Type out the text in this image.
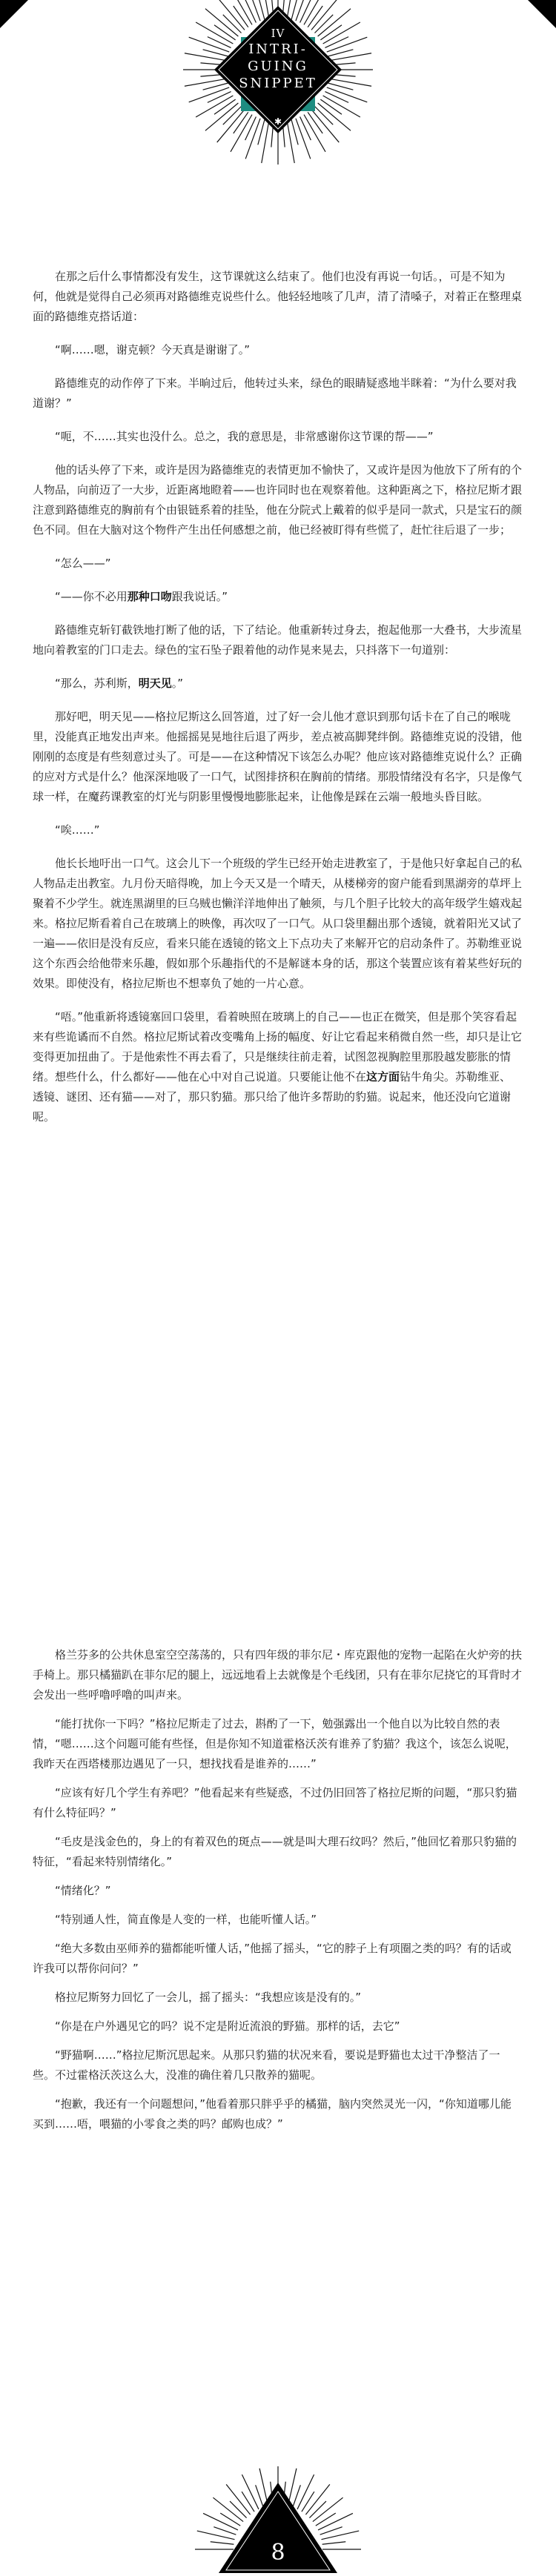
✱
IV
INTRI-
GUING
SNIPPET

在那之后什么事情都没有发生，这节课就这么结束了。他们也没有再说一句话。，可是不知为何，他就是觉得自己必须再对路德维克说些什么。他轻轻地咳了几声，清了清嗓子，对着正在整理桌面的路德维克搭话道：

“啊……嗯，谢克顿？今天真是谢谢了。”

路德维克的动作停了下来。半晌过后，他转过头来，绿色的眼睛疑惑地半眯着：“为什么要对我道谢？”

“呃，不……其实也没什么。总之，我的意思是，非常感谢你这节课的帮——”

他的话头停了下来，或许是因为路德维克的表情更加不愉快了，又或许是因为他放下了所有的个人物品，向前迈了一大步，近距离地瞪着——也许同时也在观察着他。这种距离之下，格拉尼斯才跟注意到路德维克的胸前有个由银链系着的挂坠，他在分院式上戴着的似乎是同一款式，只是宝石的颜色不同。但在大脑对这个物件产生出任何感想之前，他已经被盯得有些慌了，赶忙往后退了一步；

“怎么——”

“——你不必用那种口吻跟我说话。”

路德维克斩钉截铁地打断了他的话，下了结论。他重新转过身去，抱起他那一大叠书，大步流星地向着教室的门口走去。绿色的宝石坠子跟着他的动作晃来晃去，只抖落下一句道别：

“那么，苏利斯，明天见。”

那好吧，明天见——格拉尼斯这么回答道，过了好一会儿他才意识到那句话卡在了自己的喉咙里，没能真正地发出声来。他摇摇晃晃地往后退了两步，差点被高脚凳绊倒。路德维克说的没错，他刚刚的态度是有些刻意过头了。可是——在这种情况下该怎么办呢？他应该对路德维克说什么？正确的应对方式是什么？他深深地吸了一口气，试图排挤积在胸前的情绪。那股情绪没有名字，只是像气球一样，在魔药课教室的灯光与阴影里慢慢地膨胀起来，让他像是踩在云端一般地头昏目眩。

“唉……”

他长长地吁出一口气。这会儿下一个班级的学生已经开始走进教室了，于是他只好拿起自己的私人物品走出教室。九月份天暗得晚，加上今天又是一个晴天，从楼梯旁的窗户能看到黑湖旁的草坪上聚着不少学生。就连黑湖里的巨乌贼也懒洋洋地伸出了触须，与几个胆子比较大的高年级学生嬉戏起来。格拉尼斯看着自己在玻璃上的映像，再次叹了一口气。从口袋里翻出那个透镜，就着阳光又试了一遍——依旧是没有反应，看来只能在透镜的铭文上下点功夫了来解开它的启动条件了。苏勒维亚说这个东西会给他带来乐趣，假如那个乐趣指代的不是解谜本身的话，那这个装置应该有着某些好玩的效果。即使没有，格拉尼斯也不想辜负了她的一片心意。

“唔。”他重新将透镜塞回口袋里，看着映照在玻璃上的自己——也正在微笑，但是那个笑容看起来有些诡谲而不自然。格拉尼斯试着改变嘴角上扬的幅度、好让它看起来稍微自然一些，却只是让它变得更加扭曲了。于是他索性不再去看了，只是继续往前走着，试图忽视胸腔里那股越发膨胀的情绪。想些什么，什么都好——他在心中对自己说道。只要能让他不在这方面钻牛角尖。苏勒维亚、透镜、谜团、还有猫——对了，那只豹猫。那只给了他许多帮助的豹猫。说起来，他还没向它道谢呢。

格兰芬多的公共休息室空空荡荡的，只有四年级的菲尔尼・库克跟他的宠物一起陷在火炉旁的扶手椅上。那只橘猫趴在菲尔尼的腿上，远远地看上去就像是个毛线团，只有在菲尔尼挠它的耳背时才会发出一些呼噜呼噜的叫声来。

“能打扰你一下吗？”格拉尼斯走了过去，斟酌了一下，勉强露出一个他自以为比较自然的表情，“嗯……这个问题可能有些怪，但是你知不知道霍格沃茨有谁养了豹猫？我这个，该怎么说呢，我昨天在西塔楼那边遇见了一只，想找找看是谁养的……”

“应该有好几个学生有养吧？”他看起来有些疑惑，不过仍旧回答了格拉尼斯的问题，“那只豹猫有什么特征吗？”

“毛皮是浅金色的，身上的有着双色的斑点——就是叫大理石纹吗？然后，”他回忆着那只豹猫的特征，“看起来特别情绪化。”

“情绪化？”

“特别通人性，简直像是人变的一样，也能听懂人话。”

“绝大多数由巫师养的猫都能听懂人话，”他摇了摇头，“它的脖子上有项圈之类的吗？有的话或许我可以帮你问问？”

格拉尼斯努力回忆了一会儿，摇了摇头：“我想应该是没有的。”

“你是在户外遇见它的吗？说不定是附近流浪的野猫。那样的话，去它”

“野猫啊……”格拉尼斯沉思起来。从那只豹猫的状况来看，要说是野猫也太过干净整洁了一些。不过霍格沃茨这么大，没准的确住着几只散养的猫呢。

“抱歉，我还有一个问题想问，”他看着那只胖乎乎的橘猫，脑内突然灵光一闪，“你知道哪儿能买到……唔，喂猫的小零食之类的吗？邮购也成？”

8
